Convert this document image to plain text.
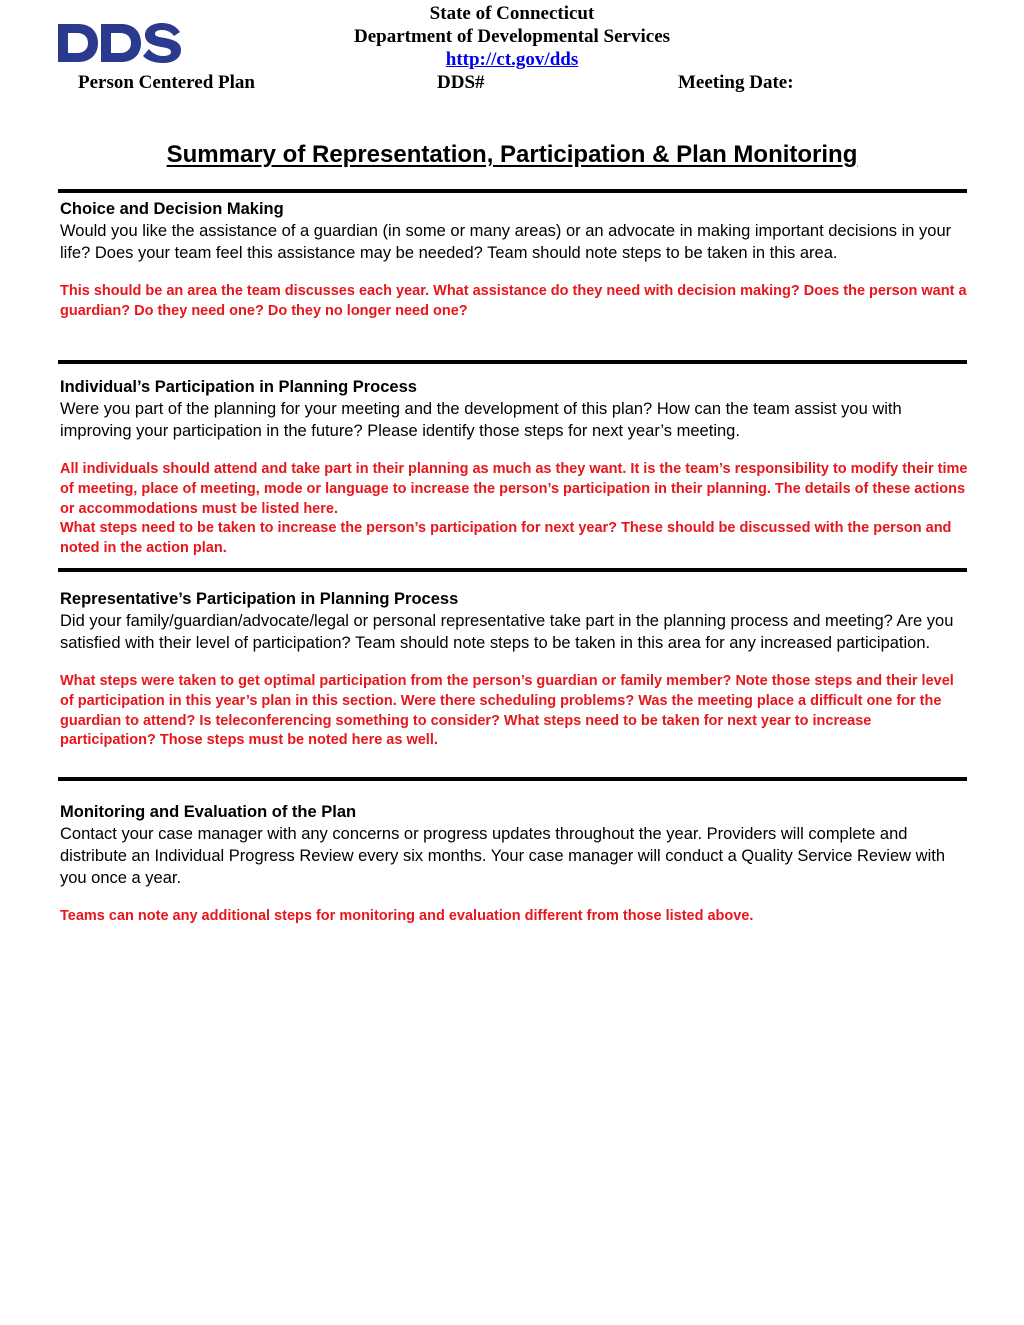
State of Connecticut
Department of Developmental Services
http://ct.gov/dds
Person Centered Plan	DDS#	Meeting Date:
Summary of Representation, Participation & Plan Monitoring

Choice and Decision Making

Would you like the assistance of a guardian (in some or many areas) or an advocate in making important decisions in your life? Does your team feel this assistance may be needed? Team should note steps to be taken in this area.

This should be an area the team discusses each year. What assistance do they need with decision making? Does the person want a guardian? Do they need one? Do they no longer need one?

Individual’s Participation in Planning Process

Were you part of the planning for your meeting and the development of this plan? How can the team assist you with improving your participation in the future? Please identify those steps for next year’s meeting.

All individuals should attend and take part in their planning as much as they want. It is the team’s responsibility to modify their time of meeting, place of meeting, mode or language to increase the person’s participation in their planning. The details of these actions or accommodations must be listed here.

What steps need to be taken to increase the person’s participation for next year? These should be discussed with the person and noted in the action plan.

Representative’s Participation in Planning Process

Did your family/guardian/advocate/legal or personal representative take part in the planning process and meeting? Are you satisfied with their level of participation? Team should note steps to be taken in this area for any increased participation.

What steps were taken to get optimal participation from the person’s guardian or family member? Note those steps and their level of participation in this year’s plan in this section. Were there scheduling problems? Was the meeting place a difficult one for the guardian to attend? Is teleconferencing something to consider? What steps need to be taken for next year to increase participation? Those steps must be noted here as well.

Monitoring and Evaluation of the Plan

Contact your case manager with any concerns or progress updates throughout the year. Providers will complete and distribute an Individual Progress Review every six months. Your case manager will conduct a Quality Service Review with you once a year.

Teams can note any additional steps for monitoring and evaluation different from those listed above.
